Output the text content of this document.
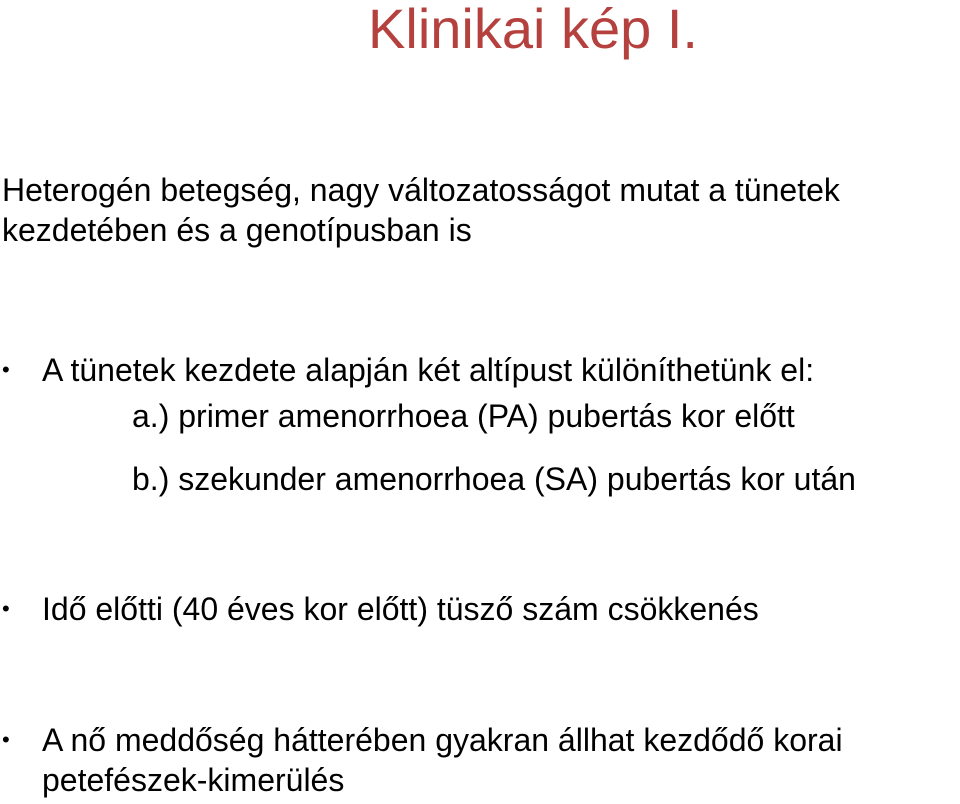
Klinikai kép I.
Heterogén betegség, nagy változatosságot mutat a tünetek
kezdetében és a genotípusban is
• A tünetek kezdete alapján két altípust különíthetünk el:
a.) primer amenorrhoea (PA) pubertás kor előtt
b.) szekunder amenorrhoea (SA) pubertás kor után
• Idő előtti (40 éves kor előtt) tüsző szám csökkenés
• A nő meddőség hátterében gyakran állhat kezdődő korai
petefészek-kimerülés
